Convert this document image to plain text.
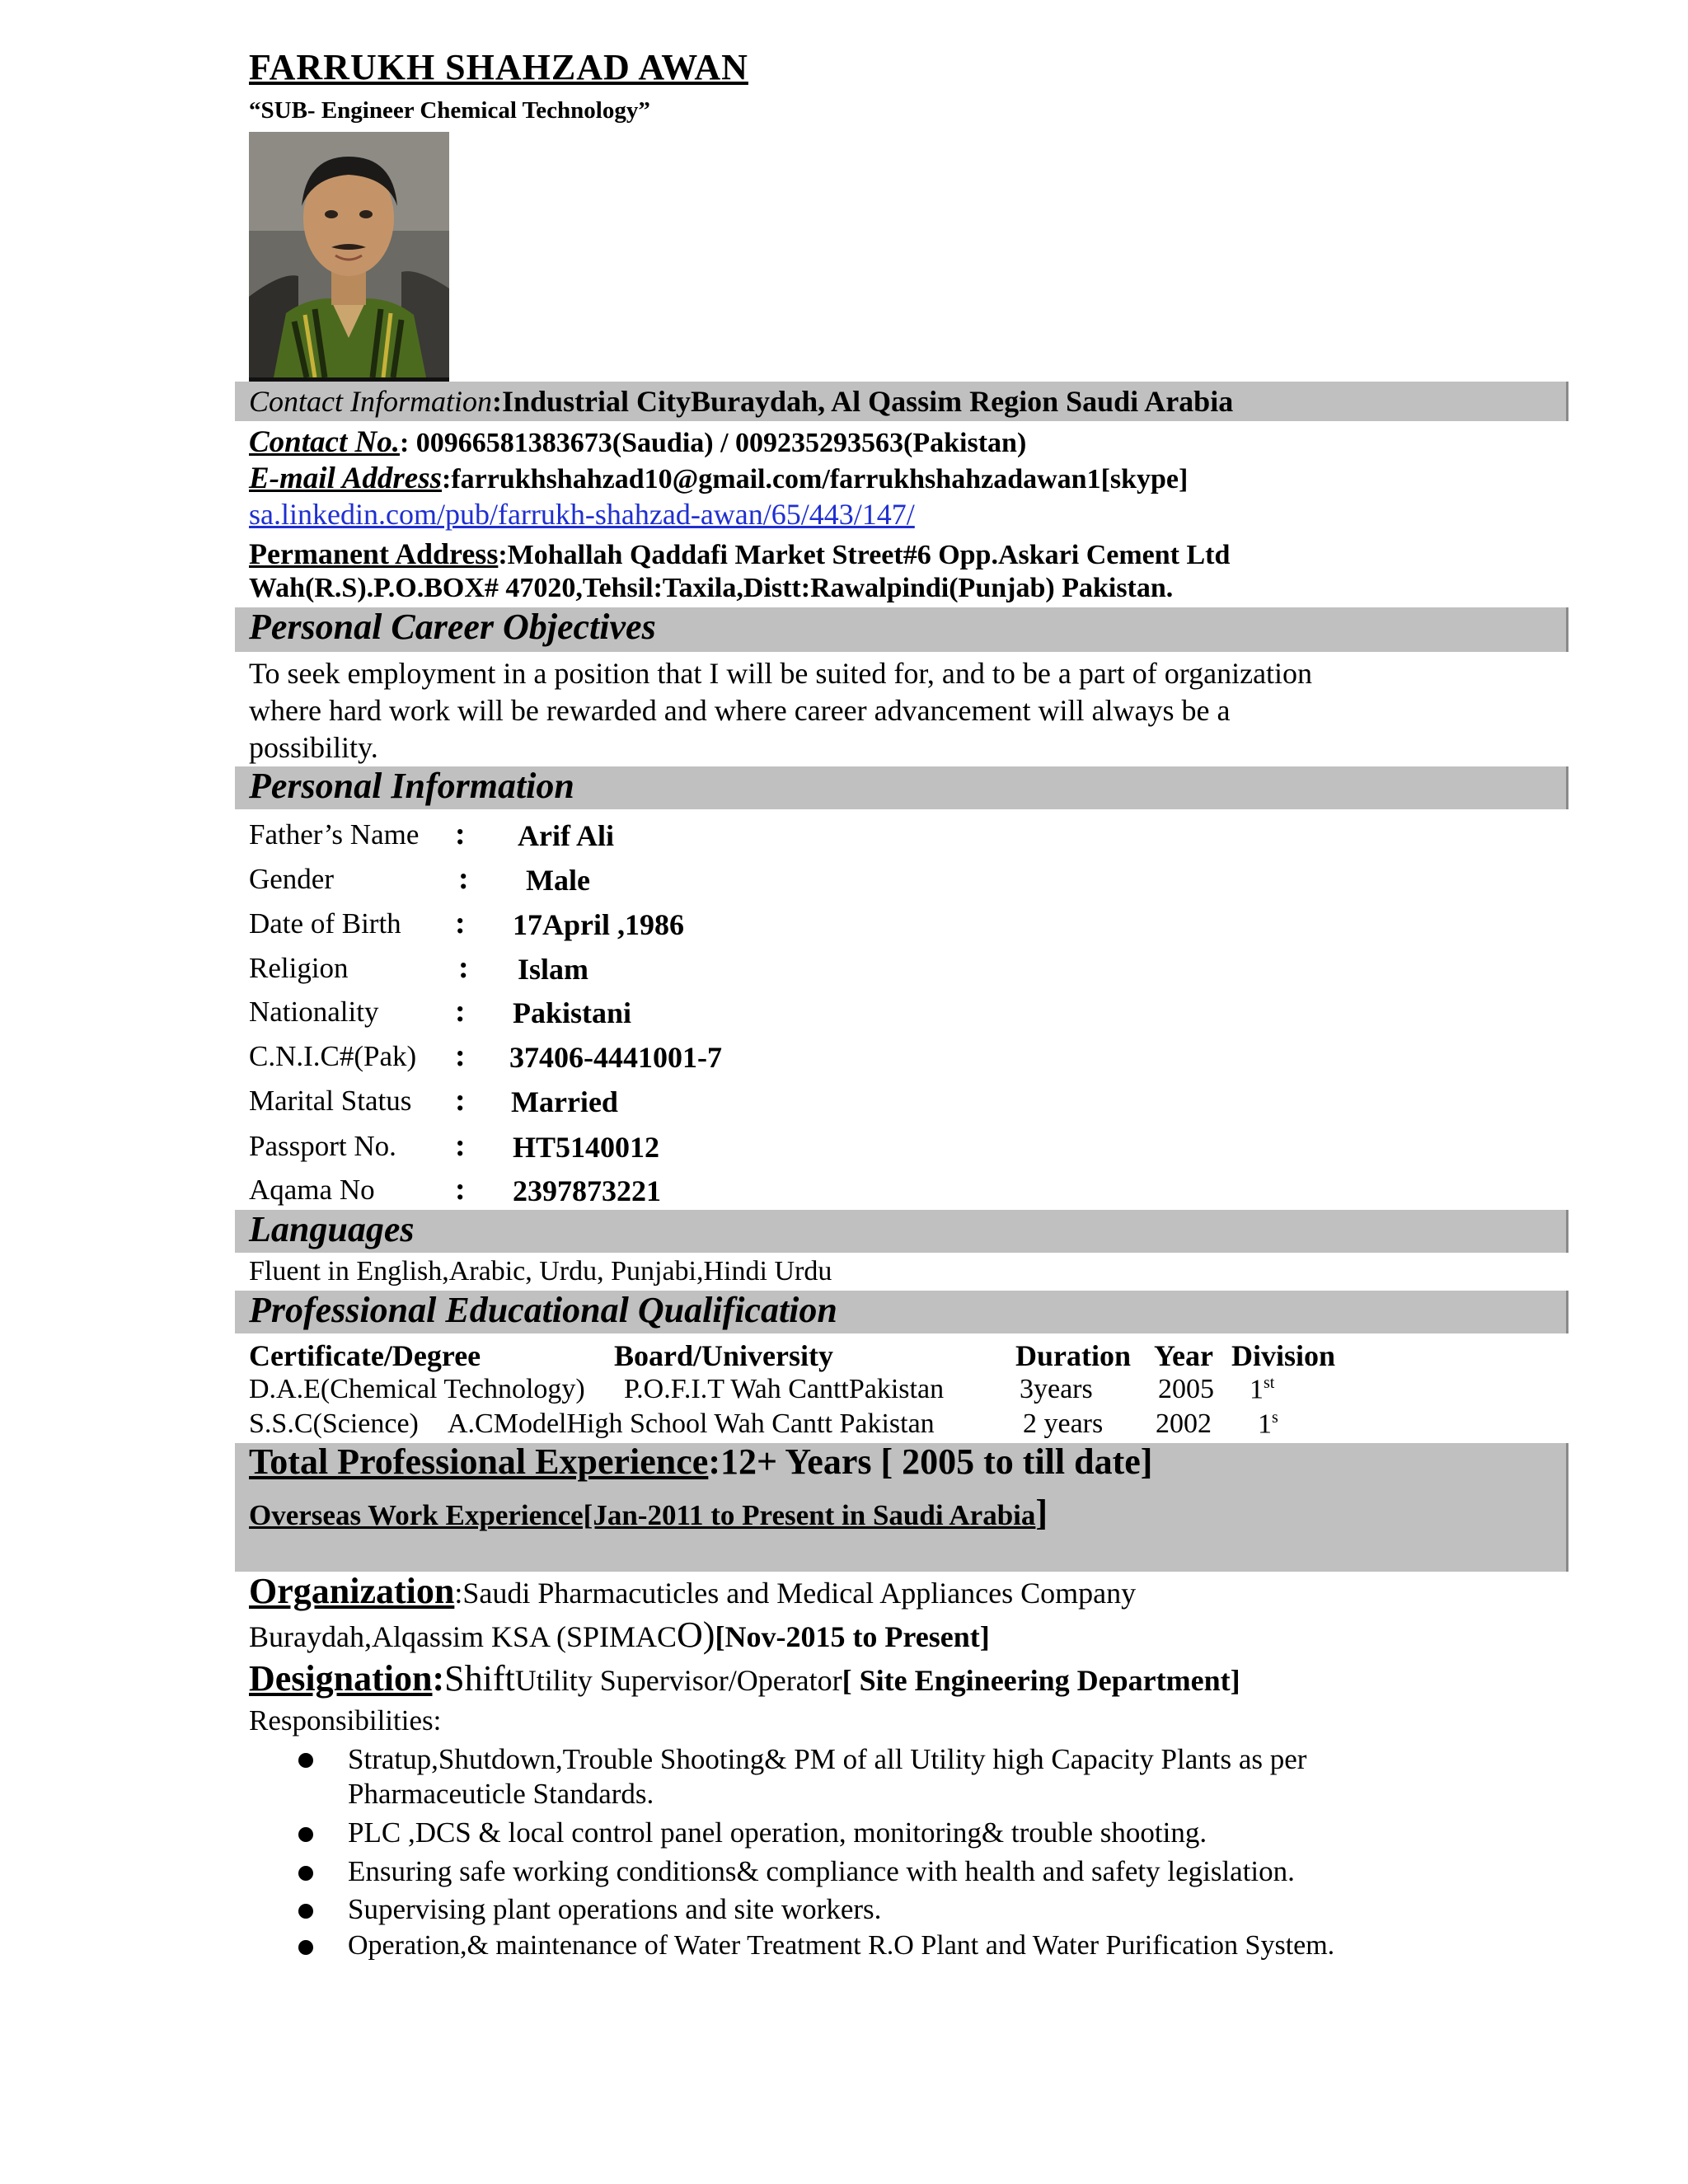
FARRUKH SHAHZAD AWAN
“SUB- Engineer Chemical Technology”
Contact Information:Industrial CityBuraydah, Al Qassim Region Saudi Arabia
Contact No.: 00966581383673(Saudia) / 009235293563(Pakistan)
E-mail Address:farrukhshahzad10@gmail.com/farrukhshahzadawan1[skype]
sa.linkedin.com/pub/farrukh-shahzad-awan/65/443/147/
Permanent Address:Mohallah Qaddafi Market Street#6 Opp.Askari Cement Ltd
Wah(R.S).P.O.BOX# 47020,Tehsil:Taxila,Distt:Rawalpindi(Punjab) Pakistan.
Personal Career Objectives
To seek employment in a position that I will be suited for, and to be a part of organization
where hard work will be rewarded and where career advancement will always be a
possibility.
Personal Information
Father’s Name : Arif Ali
Gender	: Male
Date of Birth : 17April ,1986
Religion	: Islam
Nationality : Pakistani
C.N.I.C#(Pak) : 37406-4441001-7
Marital Status : Married
Passport No. : HT5140012
Aqama No	: 2397873221
Languages
Fluent in English,Arabic, Urdu, Punjabi,Hindi Urdu
Professional Educational Qualification
Certificate/Degree	Board/University	Duration Year Division
D.A.E(Chemical Technology) P.O.F.I.T Wah CanttPakistan	3years 2005 1st
S.S.C(Science) A.CModelHigh School Wah Cantt Pakistan	2 years 2002 1$^s$
Total Professional Experience:12+ Years [ 2005 to till date]
Overseas Work Experience[Jan-2011 to Present in Saudi Arabia]
Organization:Saudi Pharmacuticles and Medical Appliances Company
Buraydah,Alqassim KSA (SPIMACO)[Nov-2015 to Present]
Designation:ShiftUtility Supervisor/Operator[ Site Engineering Department]
Responsibilities:
Stratup,Shutdown,Trouble Shooting& PM of all Utility high Capacity Plants as per Pharmaceuticle Standards.
PLC ,DCS & local control panel operation, monitoring& trouble shooting.
Ensuring safe working conditions& compliance with health and safety legislation.
Supervising plant operations and site workers.
Operation,& maintenance of Water Treatment R.O Plant and Water Purification System.
